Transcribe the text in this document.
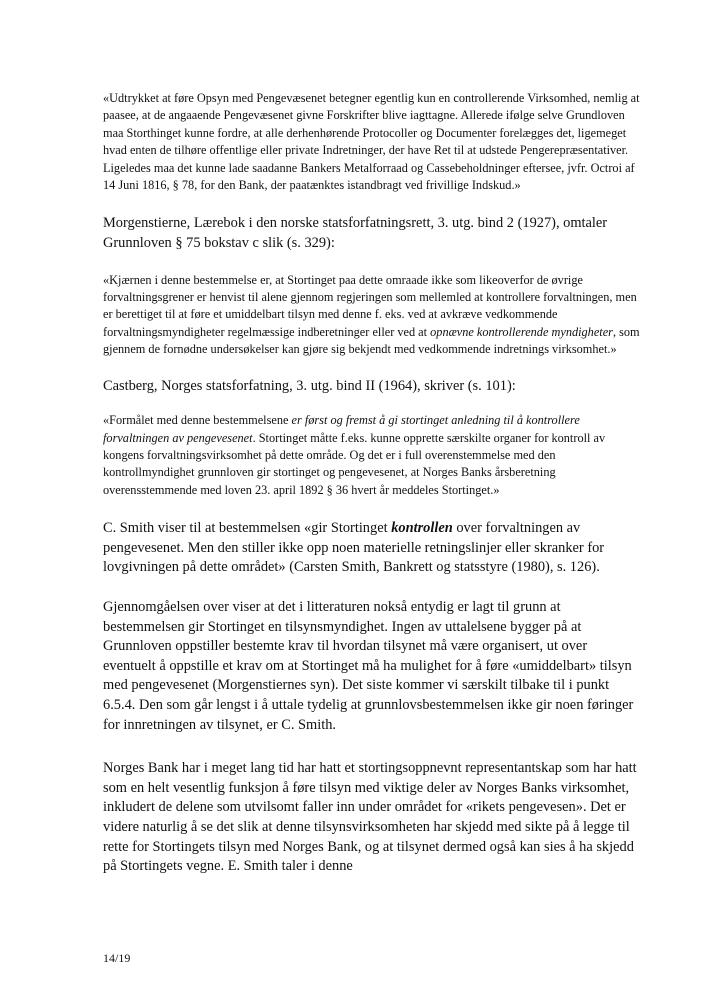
«Udtrykket at føre Opsyn med Pengevæsenet betegner egentlig kun en controllerende Virksomhed, nemlig at paasee, at de angaaende Pengevæsenet givne Forskrifter blive iagttagne. Allerede ifølge selve Grundloven maa Storthinget kunne fordre, at alle derhenhørende Protocoller og Documenter forelægges det, ligemeget hvad enten de tilhøre offentlige eller private Indretninger, der have Ret til at udstede Pengerepræsentativer. Ligeledes maa det kunne lade saadanne Bankers Metalforraad og Cassebeholdninger eftersee, jvfr. Octroi af 14 Juni 1816, § 78, for den Bank, der paatænktes istandbragt ved frivillige Indskud.»

Morgenstierne, Lærebok i den norske statsforfatningsrett, 3. utg. bind 2 (1927), omtaler Grunnloven § 75 bokstav c slik (s. 329):

«Kjærnen i denne bestemmelse er, at Stortinget paa dette omraade ikke som likeoverfor de øvrige forvaltningsgrener er henvist til alene gjennom regjeringen som mellemled at kontrollere forvaltningen, men er berettiget til at føre et umiddelbart tilsyn med denne f. eks. ved at avkræve vedkommende forvaltningsmyndigheter regelmæssige indberetninger eller ved at opnævne kontrollerende myndigheter, som gjennem de fornødne undersøkelser kan gjøre sig bekjendt med vedkommende indretnings virksomhet.»

Castberg, Norges statsforfatning, 3. utg. bind II (1964), skriver (s. 101):

«Formålet med denne bestemmelsene er først og fremst å gi stortinget anledning til å kontrollere forvaltningen av pengevesenet. Stortinget måtte f.eks. kunne opprette særskilte organer for kontroll av kongens forvaltningsvirksomhet på dette område. Og det er i full overenstemmelse med den kontrollmyndighet grunnloven gir stortinget og pengevesenet, at Norges Banks årsberetning overensstemmende med loven 23. april 1892 § 36 hvert år meddeles Stortinget.»

C. Smith viser til at bestemmelsen «gir Stortinget kontrollen over forvaltningen av pengevesenet. Men den stiller ikke opp noen materielle retningslinjer eller skranker for lovgivningen på dette området» (Carsten Smith, Bankrett og statsstyre (1980), s. 126).

Gjennomgåelsen over viser at det i litteraturen nokså entydig er lagt til grunn at bestemmelsen gir Stortinget en tilsynsmyndighet. Ingen av uttalelsene bygger på at Grunnloven oppstiller bestemte krav til hvordan tilsynet må være organisert, ut over eventuelt å oppstille et krav om at Stortinget må ha mulighet for å føre «umiddelbart» tilsyn med pengevesenet (Morgenstiernes syn). Det siste kommer vi særskilt tilbake til i punkt 6.5.4. Den som går lengst i å uttale tydelig at grunnlovsbestemmelsen ikke gir noen føringer for innretningen av tilsynet, er C. Smith.

Norges Bank har i meget lang tid har hatt et stortingsoppnevnt representantskap som har hatt som en helt vesentlig funksjon å føre tilsyn med viktige deler av Norges Banks virksomhet, inkludert de delene som utvilsomt faller inn under området for «rikets pengevesen». Det er videre naturlig å se det slik at denne tilsynsvirksomheten har skjedd med sikte på å legge til rette for Stortingets tilsyn med Norges Bank, og at tilsynet dermed også kan sies å ha skjedd på Stortingets vegne. E. Smith taler i denne

14/19
